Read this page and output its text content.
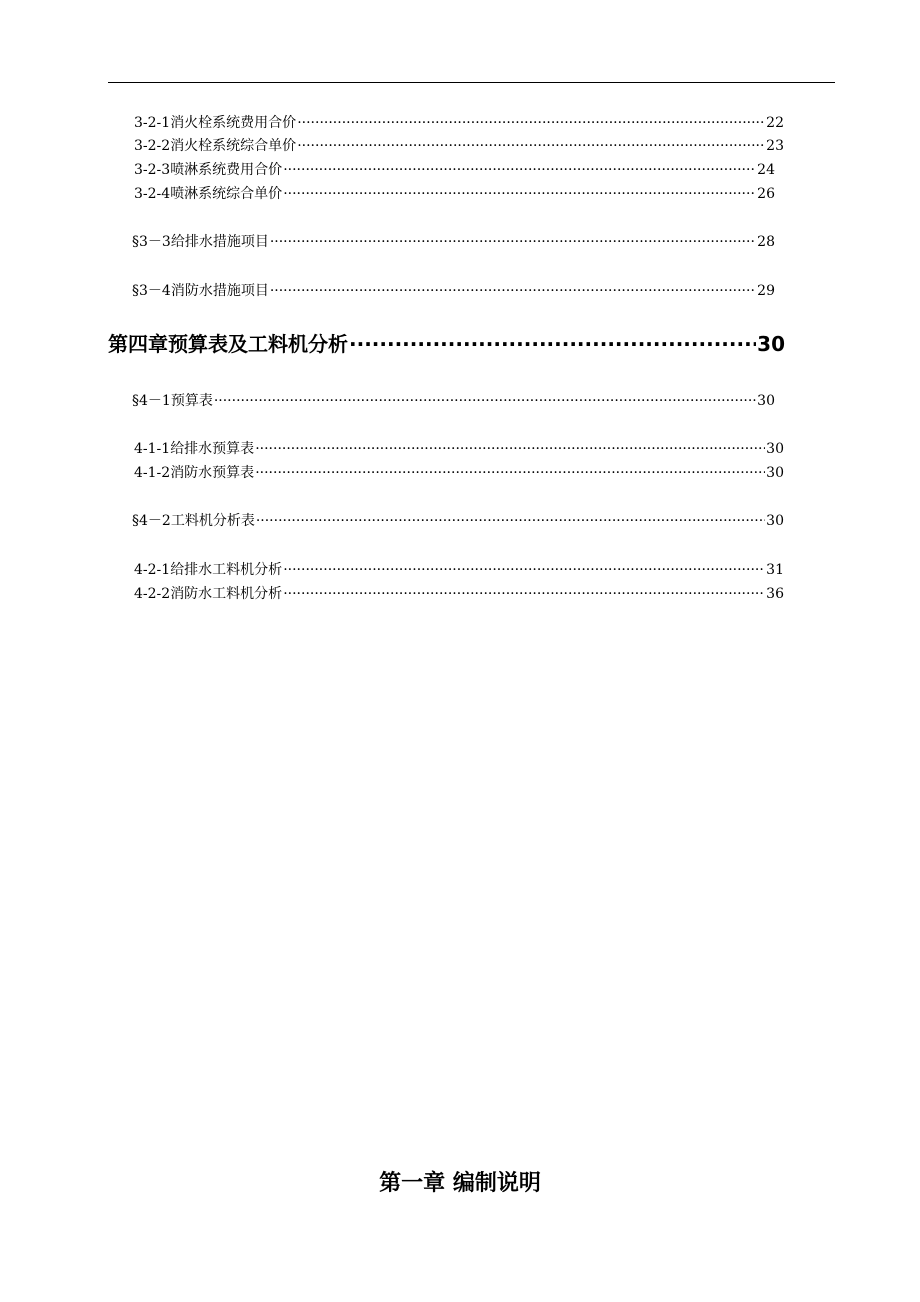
3-2-1 消火栓系统费用合价 ·····	22
3-2-2 消火栓系统综合单价 ·····	23
3-2-3 喷淋系统费用合价 ·····	24
3-2-4 喷淋系统综合单价 ·····	26
§3－3 给排水措施项目 ·····	28
§3－4 消防水措施项目 ·····	29
第四章 预算表及工料机分析 ·····	30
§4－1 预算表 ·····	30
4-1-1 给排水预算表 ·····	30
4-1-2 消防水预算表 ·····	30
§4－2 工料机分析表 ·····	30
4-2-1 给排水工料机分析 ·····	31
4-2-2 消防水工料机分析 ·····	36
第一章 编制说明
